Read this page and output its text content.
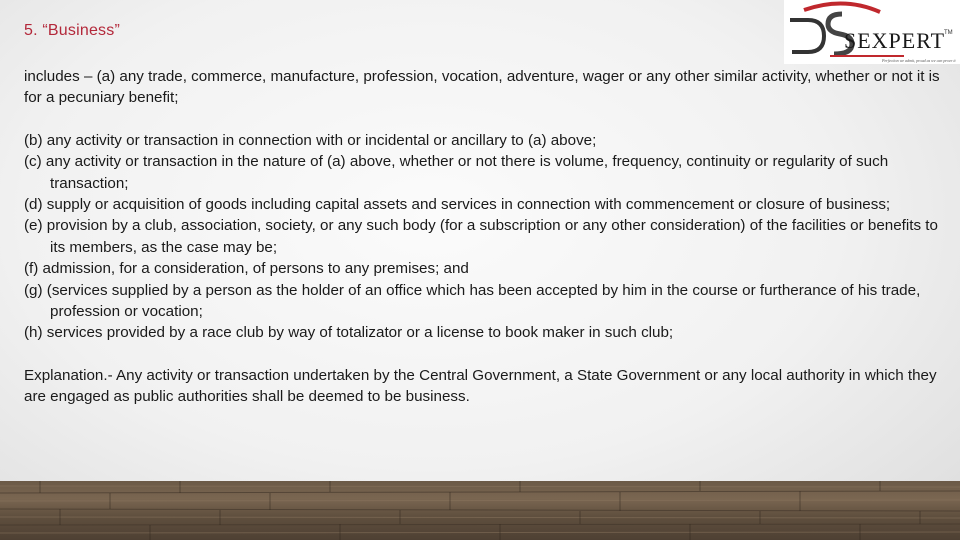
5. “Business”	SEXPERT
TM
Perfection we admit, proud as we can prove it

includes – (a) any trade, commerce, manufacture, profession, vocation, adventure, wager or any other similar activity, whether or not it is for a pecuniary benefit;

(b) any activity or transaction in connection with or incidental or ancillary to (a) above;

(c) any activity or transaction in the nature of (a) above, whether or not there is volume, frequency, continuity or regularity of such transaction;

(d) supply or acquisition of goods including capital assets and services in connection with commencement or closure of business;

(e) provision by a club, association, society, or any such body (for a subscription or any other consideration) of the facilities or benefits to its members, as the case may be;

(f) admission, for a consideration, of persons to any premises; and

(g) (services supplied by a person as the holder of an office which has been accepted by him in the course or furtherance of his trade, profession or vocation;

(h) services provided by a race club by way of totalizator or a license to book maker in such club;

Explanation.- Any activity or transaction undertaken by the Central Government, a State Government or any local authority in which they are engaged as public authorities shall be deemed to be business.
